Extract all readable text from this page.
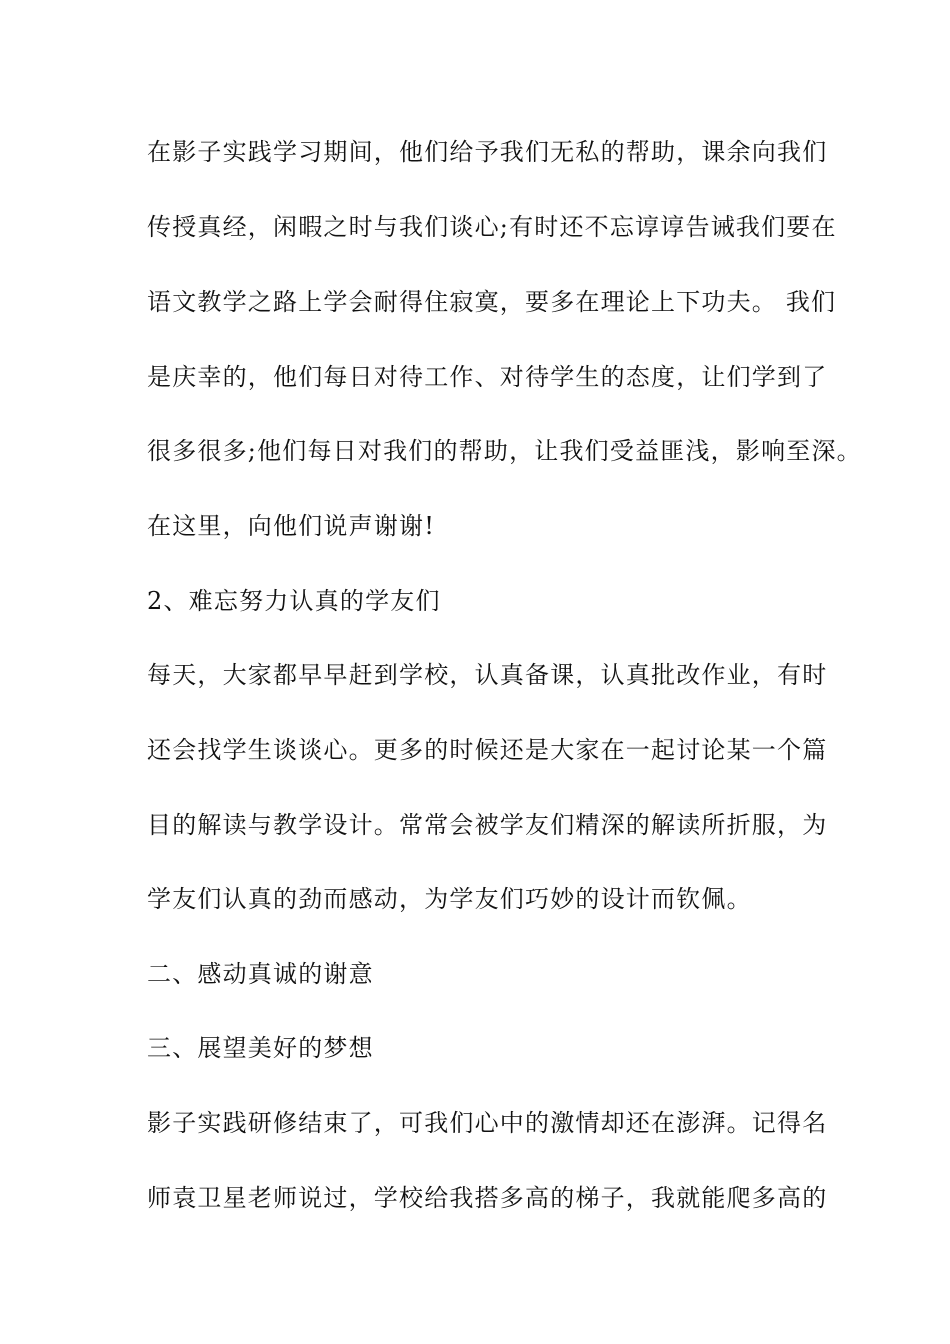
在影子实践学习期间，他们给予我们无私的帮助，课余向我们
传授真经，闲暇之时与我们谈心;有时还不忘谆谆告诫我们要在
语文教学之路上学会耐得住寂寞，要多在理论上下功夫。 我们
是庆幸的，他们每日对待工作、对待学生的态度，让们学到了
很多很多;他们每日对我们的帮助，让我们受益匪浅，影响至深。
在这里，向他们说声谢谢!
2、难忘努力认真的学友们
每天，大家都早早赶到学校，认真备课，认真批改作业，有时
还会找学生谈谈心。更多的时候还是大家在一起讨论某一个篇
目的解读与教学设计。常常会被学友们精深的解读所折服，为
学友们认真的劲而感动，为学友们巧妙的设计而钦佩。
二、感动真诚的谢意
三、展望美好的梦想
影子实践研修结束了，可我们心中的激情却还在澎湃。记得名
师袁卫星老师说过，学校给我搭多高的梯子，我就能爬多高的
